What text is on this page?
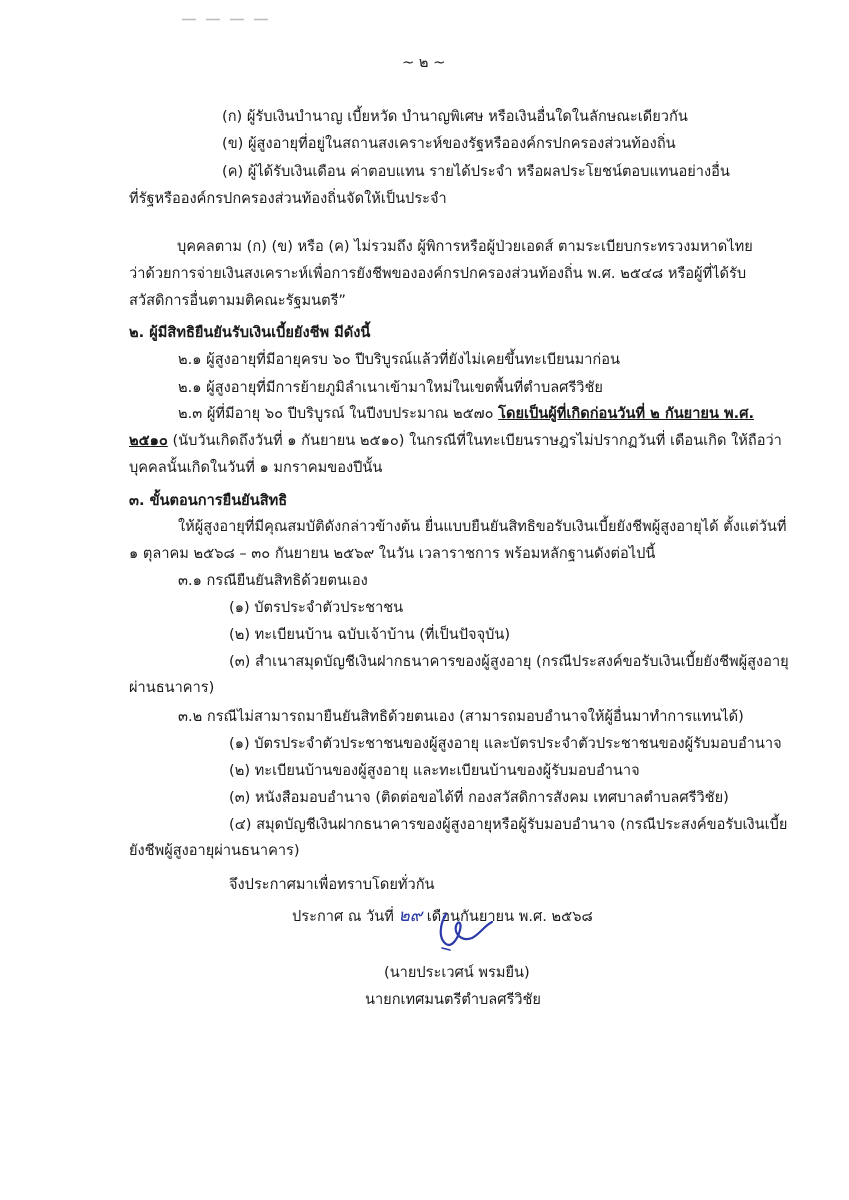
~ ๒ ~
(ก) ผู้รับเงินบำนาญ เบี้ยหวัด บำนาญพิเศษ หรือเงินอื่นใดในลักษณะเดียวกัน
(ข) ผู้สูงอายุที่อยู่ในสถานสงเคราะห์ของรัฐหรือองค์กรปกครองส่วนท้องถิ่น
(ค) ผู้ได้รับเงินเดือน ค่าตอบแทน รายได้ประจำ หรือผลประโยชน์ตอบแทนอย่างอื่น
ที่รัฐหรือองค์กรปกครองส่วนท้องถิ่นจัดให้เป็นประจำ
บุคคลตาม (ก) (ข) หรือ (ค) ไม่รวมถึง ผู้พิการหรือผู้ป่วยเอดส์ ตามระเบียบกระทรวงมหาดไทย
ว่าด้วยการจ่ายเงินสงเคราะห์เพื่อการยังชีพขององค์กรปกครองส่วนท้องถิ่น พ.ศ. ๒๕๔๘ หรือผู้ที่ได้รับ
สวัสดิการอื่นตามมติคณะรัฐมนตรี”
๒. ผู้มีสิทธิยืนยันรับเงินเบี้ยยังชีพ มีดังนี้
๒.๑ ผู้สูงอายุที่มีอายุครบ ๖๐ ปีบริบูรณ์แล้วที่ยังไม่เคยขึ้นทะเบียนมาก่อน
๒.๑ ผู้สูงอายุที่มีการย้ายภูมิลำเนาเข้ามาใหม่ในเขตพื้นที่ตำบลศรีวิชัย
๒.๓ ผู้ที่มีอายุ ๖๐ ปีบริบูรณ์ ในปีงบประมาณ ๒๕๗๐ โดยเป็นผู้ที่เกิดก่อนวันที่ ๒ กันยายน พ.ศ.
๒๕๑๐ (นับวันเกิดถึงวันที่ ๑ กันยายน ๒๕๑๐) ในกรณีที่ในทะเบียนราษฎรไม่ปรากฏวันที่ เดือนเกิด ให้ถือว่า
บุคคลนั้นเกิดในวันที่ ๑ มกราคมของปีนั้น
๓. ขั้นตอนการยืนยันสิทธิ
ให้ผู้สูงอายุที่มีคุณสมบัติดังกล่าวข้างต้น ยื่นแบบยืนยันสิทธิขอรับเงินเบี้ยยังชีพผู้สูงอายุได้ ตั้งแต่วันที่
๑ ตุลาคม ๒๕๖๘ – ๓๐ กันยายน ๒๕๖๙ ในวัน เวลาราชการ พร้อมหลักฐานดังต่อไปนี้
๓.๑ กรณียืนยันสิทธิด้วยตนเอง
(๑) บัตรประจำตัวประชาชน
(๒) ทะเบียนบ้าน ฉบับเจ้าบ้าน (ที่เป็นปัจจุบัน)
(๓) สำเนาสมุดบัญชีเงินฝากธนาคารของผู้สูงอายุ (กรณีประสงค์ขอรับเงินเบี้ยยังชีพผู้สูงอายุ
ผ่านธนาคาร)
๓.๒ กรณีไม่สามารถมายืนยันสิทธิด้วยตนเอง (สามารถมอบอำนาจให้ผู้อื่นมาทำการแทนได้)
(๑) บัตรประจำตัวประชาชนของผู้สูงอายุ และบัตรประจำตัวประชาชนของผู้รับมอบอำนาจ
(๒) ทะเบียนบ้านของผู้สูงอายุ และทะเบียนบ้านของผู้รับมอบอำนาจ
(๓) หนังสือมอบอำนาจ (ติดต่อขอได้ที่ กองสวัสดิการสังคม เทศบาลตำบลศรีวิชัย)
(๔) สมุดบัญชีเงินฝากธนาคารของผู้สูงอายุหรือผู้รับมอบอำนาจ (กรณีประสงค์ขอรับเงินเบี้ย
ยังชีพผู้สูงอายุผ่านธนาคาร)
จึงประกาศมาเพื่อทราบโดยทั่วกัน
ประกาศ ณ วันที่ ๒๙ เดือนกันยายน พ.ศ. ๒๕๖๘
(นายประเวศน์ พรมยืน)
นายกเทศมนตรีตำบลศรีวิชัย
